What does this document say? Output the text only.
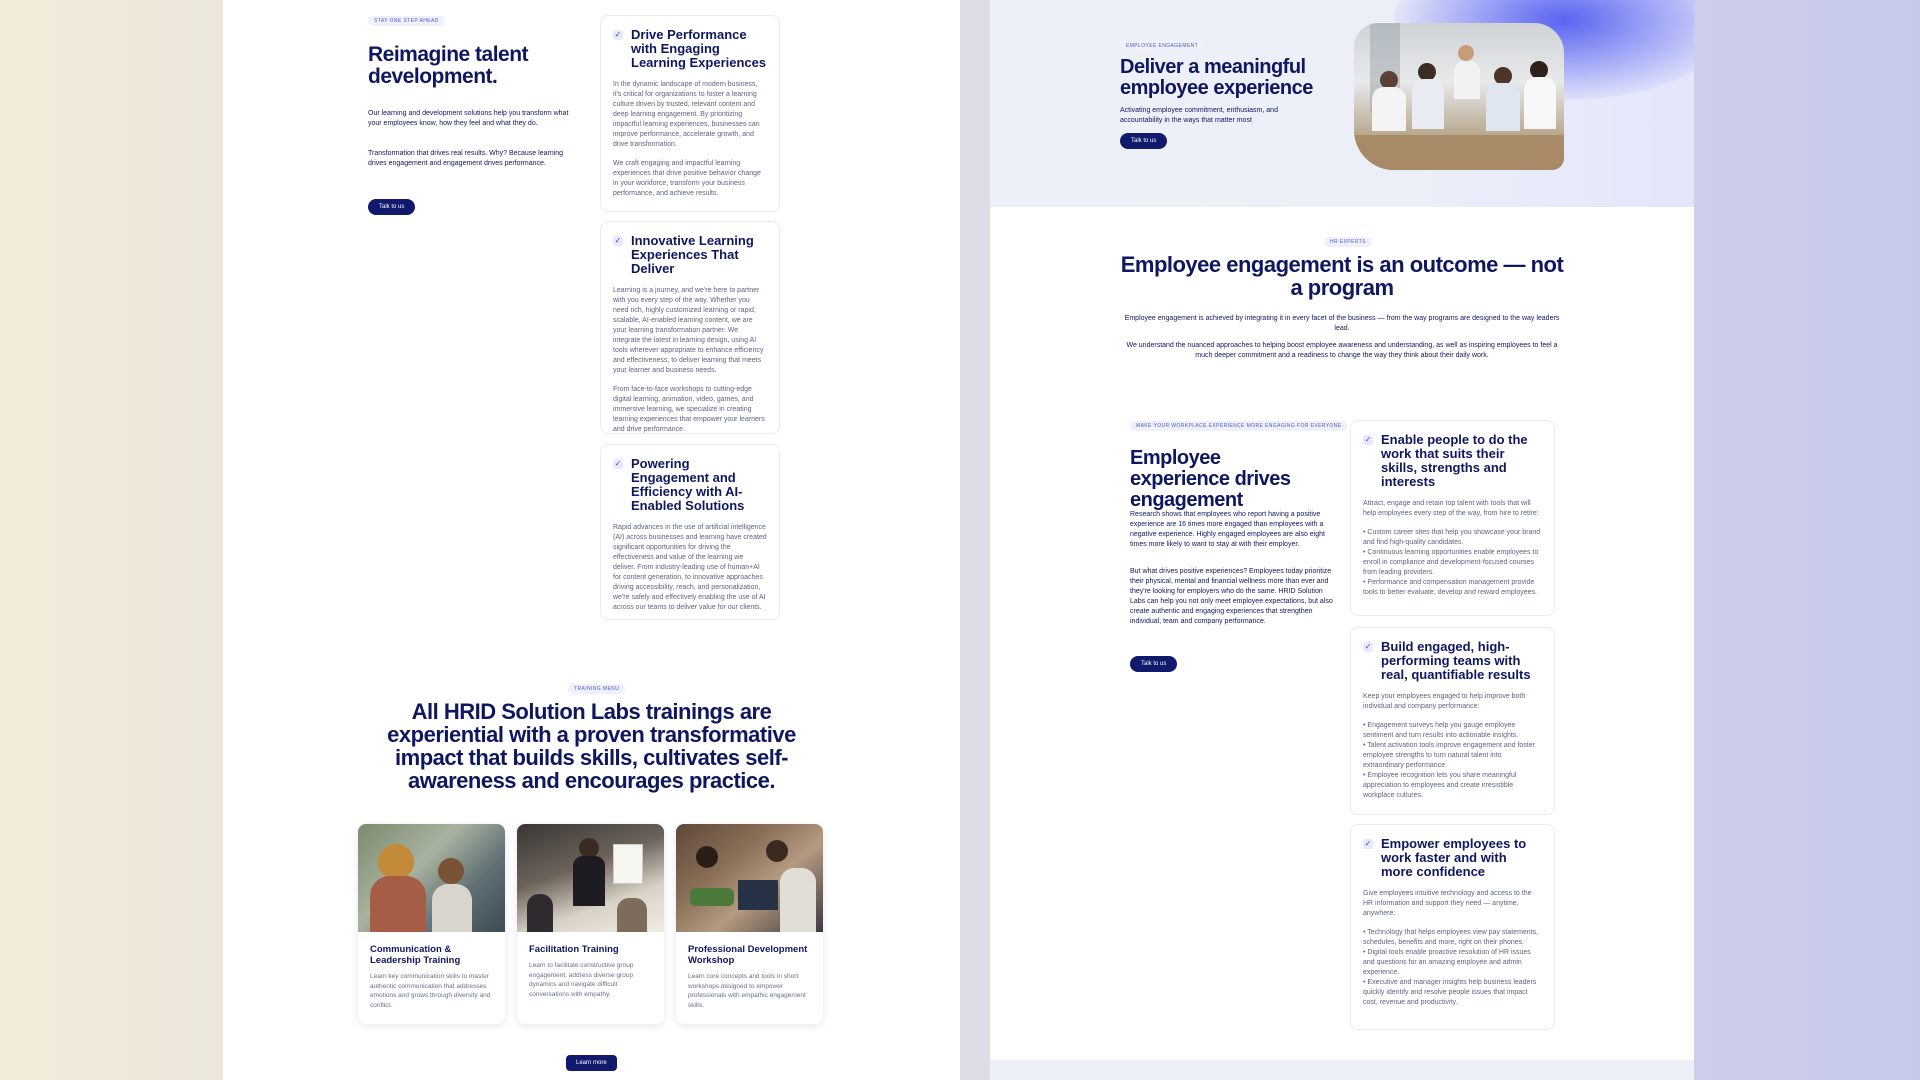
STAY ONE STEP AHEAD
Reimagine talent development.

Our learning and development solutions help you transform what your employees know, how they feel and what they do.

Transformation that drives real results. Why? Because learning drives engagement and engagement drives performance.

Talk to us
✓ Drive Performance with Engaging Learning Experiences

In the dynamic landscape of modern business, it's critical for organizations to foster a learning culture driven by trusted, relevant content and deep learning engagement. By prioritizing impactful learning experiences, businesses can improve performance, accelerate growth, and drive transformation.

We craft engaging and impactful learning experiences that drive positive behavior change in your workforce, transform your business performance, and achieve results.

✓ Innovative Learning Experiences That Deliver

Learning is a journey, and we're here to partner with you every step of the way. Whether you need rich, highly customized learning or rapid, scalable, AI-enabled learning content, we are your learning transformation partner. We integrate the latest in learning design, using AI tools wherever appropriate to enhance efficiency and effectiveness, to deliver learning that meets your learner and business needs.

From face-to-face workshops to cutting-edge digital learning, animation, video, games, and immersive learning, we specialize in creating learning experiences that empower your learners and drive performance.

✓ Powering Engagement and Efficiency with AI-Enabled Solutions

Rapid advances in the use of artificial intelligence (AI) across businesses and learning have created significant opportunities for driving the effectiveness and value of the learning we deliver. From industry-leading use of human+AI for content generation, to innovative approaches driving accessibility, reach, and personalization, we're safely and effectively enabling the use of AI across our teams to deliver value for our clients.

TRAINING MENU
All HRID Solution Labs trainings are experiential with a proven transformative impact that builds skills, cultivates self-awareness and encourages practice.
Communication & Leadership Training
Learn key communication skills to master authentic communication that addresses emotions and grows through diversity and conflict.
Facilitation Training
Learn to facilitate constructive group engagement, address diverse group dynamics and navigate difficult conversations with empathy.
Professional Development Workshop
Learn core concepts and tools in short workshops designed to empower professionals with empathic engagement skills.
Learn more
EMPLOYEE ENGAGEMENT
Deliver a meaningful employee experience

Activating employee commitment, enthusiasm, and accountability in the ways that matter most

Talk to us
HR EXPERTS
Employee engagement is an outcome — not a program

Employee engagement is achieved by integrating it in every facet of the business — from the way programs are designed to the way leaders lead.

We understand the nuanced approaches to helping boost employee awareness and understanding, as well as inspiring employees to feel a much deeper commitment and a readiness to change the way they think about their daily work.

MAKE YOUR WORKPLACE EXPERIENCE MORE ENGAGING FOR EVERYONE
Employee experience drives engagement

Research shows that employees who report having a positive experience are 16 times more engaged than employees with a negative experience. Highly engaged employees are also eight times more likely to want to stay at with their employer.

But what drives positive experiences? Employees today prioritize their physical, mental and financial wellness more than ever and they're looking for employers who do the same. HRID Solution Labs can help you not only meet employee expectations, but also create authentic and engaging experiences that strengthen individual, team and company performance.

Talk to us
✓ Enable people to do the work that suits their skills, strengths and interests

Attract, engage and retain top talent with tools that will help employees every step of the way, from hire to retire:

• Custom career sites that help you showcase your brand and find high-quality candidates.
• Continuous learning opportunities enable employees to enroll in compliance and development-focused courses from leading providers.
• Performance and compensation management provide tools to better evaluate, develop and reward employees.
✓ Build engaged, high-performing teams with real, quantifiable results

Keep your employees engaged to help improve both individual and company performance:

• Engagement surveys help you gauge employee sentiment and turn results into actionable insights.
• Talent activation tools improve engagement and foster employee strengths to turn natural talent into extraordinary performance.
• Employee recognition lets you share meaningful appreciation to employees and create irresistible workplace cultures.
✓ Empower employees to work faster and with more confidence

Give employees intuitive technology and access to the HR information and support they need — anytime, anywhere:

• Technology that helps employees view pay statements, schedules, benefits and more, right on their phones.
• Digital tools enable proactive resolution of HR issues and questions for an amazing employee and admin experience.
• Executive and manager insights help business leaders quickly identify and resolve people issues that impact cost, revenue and productivity.
